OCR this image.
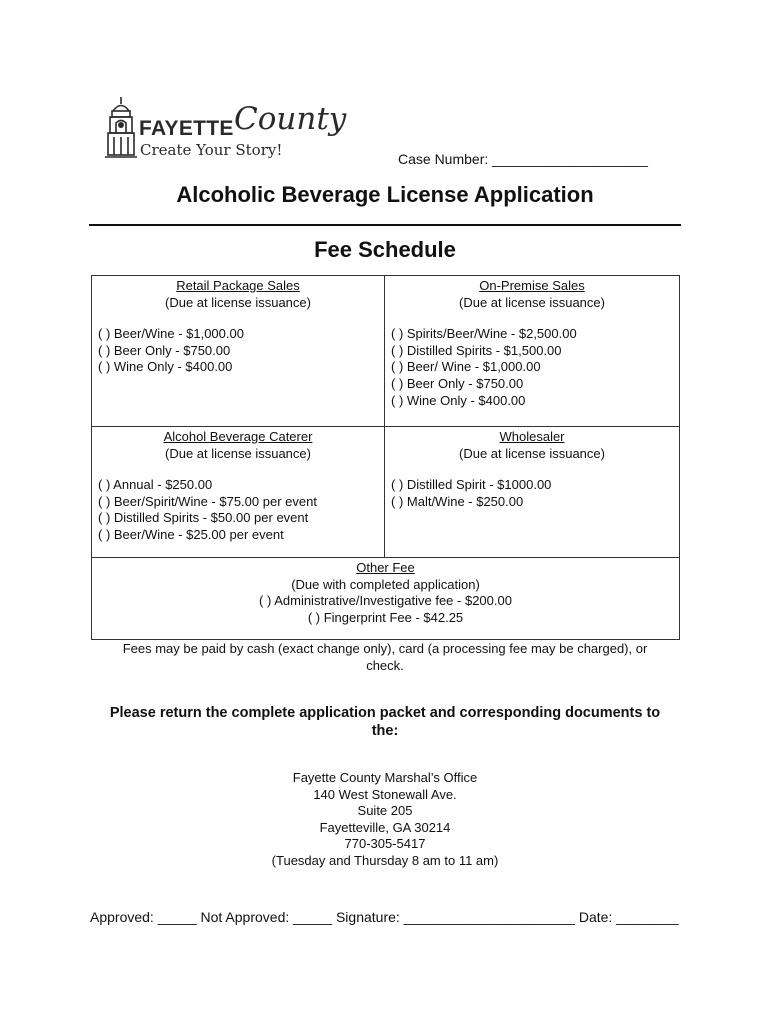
FAYETTE County
Create Your Story!	Case Number: ____________________
Alcoholic Beverage License Application
Fee Schedule
Retail Package Sales
(Due at license issuance)
( ) Beer/Wine - $1,000.00
( ) Beer Only - $750.00
( ) Wine Only - $400.00
On-Premise Sales
(Due at license issuance)
( ) Spirits/Beer/Wine - $2,500.00
( ) Distilled Spirits - $1,500.00
( ) Beer/ Wine - $1,000.00
( ) Beer Only - $750.00
( ) Wine Only - $400.00
Alcohol Beverage Caterer
(Due at license issuance)
( ) Annual - $250.00
( ) Beer/Spirit/Wine - $75.00 per event
( ) Distilled Spirits - $50.00 per event
( ) Beer/Wine - $25.00 per event
Wholesaler
(Due at license issuance)
( ) Distilled Spirit - $1000.00
( ) Malt/Wine - $250.00
Other Fee
(Due with completed application)
( ) Administrative/Investigative fee - $200.00
( ) Fingerprint Fee - $42.25
Fees may be paid by cash (exact change only), card (a processing fee may be charged), or
check.
Please return the complete application packet and corresponding documents to
the:
Fayette County Marshal’s Office
140 West Stonewall Ave.
Suite 205
Fayetteville, GA 30214
770-305-5417
(Tuesday and Thursday 8 am to 11 am)
Approved: _____ Not Approved: _____ Signature: ______________________ Date: ________
